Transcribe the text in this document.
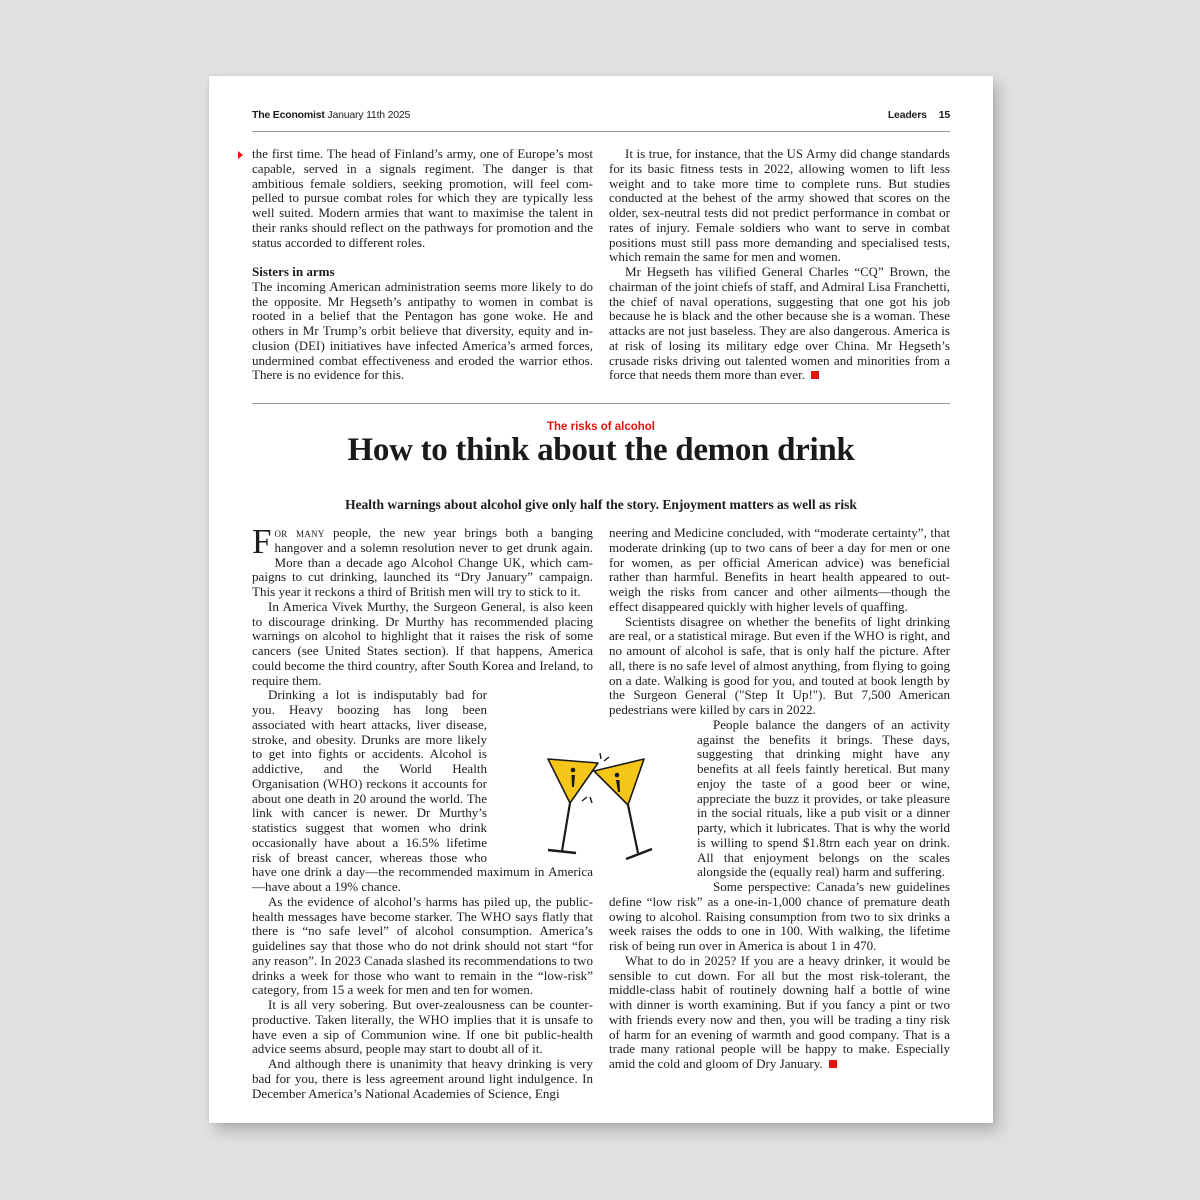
The Economist January 11th 2025	Leaders 15

the first time. The head of Finland’s army, one of Europe’s most capable, served in a signals regiment. The danger is that ambitious female soldiers, seeking promotion, will feel compelled to pursue combat roles for which they are typically less well suited. Modern armies that want to maximise the talent in their ranks should reflect on the pathways for promotion and the status accorded to different roles.

Sisters in arms

The incoming American administration seems more likely to do the opposite. Mr Hegseth’s antipathy to women in combat is rooted in a belief that the Pentagon has gone woke. He and others in Mr Trump’s orbit believe that diversity, equity and inclusion (DEI) initiatives have infected America’s armed forces, undermined combat effectiveness and eroded the warrior ethos. There is no evidence for this.

It is true, for instance, that the US Army did change standards for its basic fitness tests in 2022, allowing women to lift less weight and to take more time to complete runs. But studies conducted at the behest of the army showed that scores on the older, sex-neutral tests did not predict performance in combat or rates of injury. Female soldiers who want to serve in combat positions must still pass more demanding and specialised tests, which remain the same for men and women.

Mr Hegseth has vilified General Charles “CQ” Brown, the chairman of the joint chiefs of staff, and Admiral Lisa Franchetti, the chief of naval operations, suggesting that one got his job because he is black and the other because she is a woman. These attacks are not just baseless. They are also dangerous. America is at risk of losing its military edge over China. Mr Hegseth’s crusade risks driving out talented women and minorities from a force that needs them more than ever.

The risks of alcohol
How to think about the demon drink
Health warnings about alcohol give only half the story. Enjoyment matters as well as risk

For many people, the new year brings both a banging hangover and a solemn resolution never to get drunk again. More than a decade ago Alcohol Change UK, which campaigns to cut drinking, launched its “Dry January” campaign. This year it reckons a third of British men will try to stick to it.

In America Vivek Murthy, the Surgeon General, is also keen to discourage drinking. Dr Murthy has recommended placing warnings on alcohol to highlight that it raises the risk of some cancers (see United States section). If that happens, America could become the third country, after South Korea and Ireland, to require them.

Drinking a lot is indisputably bad for you. Heavy boozing has long been associated with heart attacks, liver disease, stroke, and obesity. Drunks are more likely to get into fights or accidents. Alcohol is addictive, and the World Health Organisation (WHO) reckons it accounts for about one death in 20 around the world. The link with cancer is newer. Dr Murthy’s statistics suggest that women who drink occasionally have about a 16.5% lifetime risk of breast cancer, whereas those who have one drink a day—the recommended maximum in America—have about a 19% chance.

As the evidence of alcohol’s harms has piled up, the public-health messages have become starker. The WHO says flatly that there is “no safe level” of alcohol consumption. America’s guidelines say that those who do not drink should not start “for any reason”. In 2023 Canada slashed its recommendations to two drinks a week for those who want to remain in the “low-risk” category, from 15 a week for men and ten for women.

It is all very sobering. But over-zealousness can be counterproductive. Taken literally, the WHO implies that it is unsafe to have even a sip of Communion wine. If one bit public-health advice seems absurd, people may start to doubt all of it.

And although there is unanimity that heavy drinking is very bad for you, there is less agreement around light indulgence. In December America’s National Academies of Science, Engi

neering and Medicine concluded, with “moderate certainty”, that moderate drinking (up to two cans of beer a day for men or one for women, as per official American advice) was beneficial rather than harmful. Benefits in heart health appeared to outweigh the risks from cancer and other ailments—though the effect disappeared quickly with higher levels of quaffing.

Scientists disagree on whether the benefits of light drinking are real, or a statistical mirage. But even if the WHO is right, and no amount of alcohol is safe, that is only half the picture. After all, there is no safe level of almost anything, from flying to going on a date. Walking is good for you, and touted at book length by the Surgeon General ("Step It Up!"). But 7,500 American pedestrians were killed by cars in 2022.

People balance the dangers of an activity against the benefits it brings. These days, suggesting that drinking might have any benefits at all feels faintly heretical. But many enjoy the taste of a good beer or wine, appreciate the buzz it provides, or take pleasure in the social rituals, like a pub visit or a dinner party, which it lubricates. That is why the world is willing to spend $1.8trn each year on drink. All that enjoyment belongs on the scales alongside the (equally real) harm and suffering.

Some perspective: Canada’s new guidelines define “low risk” as a one-in-1,000 chance of premature death owing to alcohol. Raising consumption from two to six drinks a week raises the odds to one in 100. With walking, the lifetime risk of being run over in America is about 1 in 470.

What to do in 2025? If you are a heavy drinker, it would be sensible to cut down. For all but the most risk-tolerant, the middle-class habit of routinely downing half a bottle of wine with dinner is worth examining. But if you fancy a pint or two with friends every now and then, you will be trading a tiny risk of harm for an evening of warmth and good company. That is a trade many rational people will be happy to make. Especially amid the cold and gloom of Dry January.
